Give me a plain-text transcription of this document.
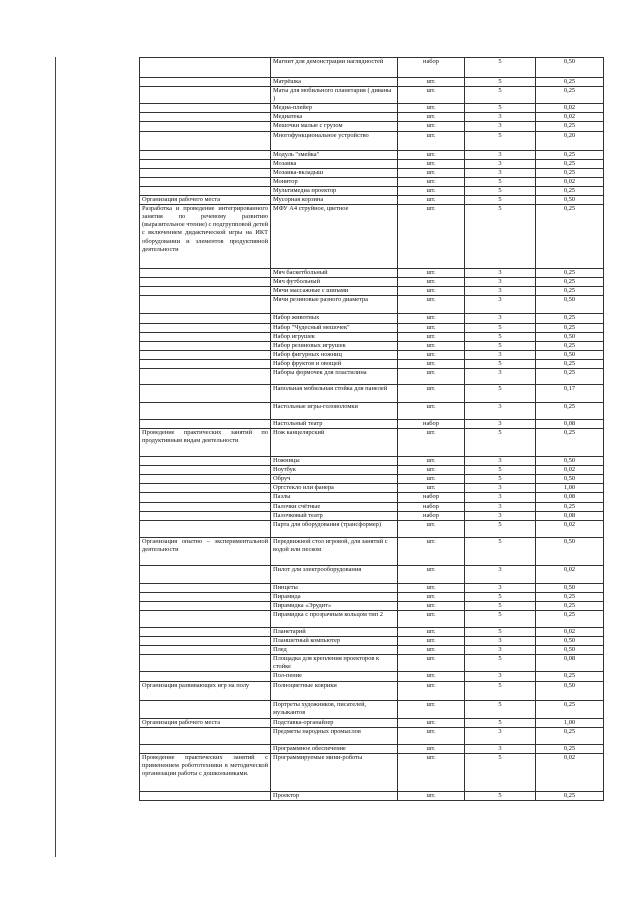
	Магнит для демонстрации наглядностей	набор	5	0,50
	Матрёшка	шт.	5	0,25
	Маты для мобильного планетария ( диваны )	шт.	5	0,25
	Медиа-плейер	шт.	5	0,02
	Медиатека	шт.	3	0,02
	Мешочки малые с грузом	шт.	3	0,25
	Многофункциональное устройство	шт.	5	0,20
	Модуль "змейка"	шт.	3	0,25
	Мозаика	шт.	3	0,25
	Мозаика-вкладыш	шт.	3	0,25
	Монитор	шт.	5	0,02
	Мультимедиа проектор	шт.	5	0,25
Организация рабочего места	Мусорная корзина	шт.	5	0,50
Разработка и проведение интегрированного занятия по речевому развитию (выразительное чтение) с подгрупповой детей с включением дидактической игры на ИКТ оборудовании и элементов продуктивной деятельности	МФУ А4 струйное, цветное	шт.	5	0,25
	Мяч баскетбольный	шт.	3	0,25
	Мяч футбольный	шт.	3	0,25
	Мячи массажные с шипами	шт.	3	0,25
	Мячи резиновые разного диаметра	шт.	3	0,50
	Набор животных	шт.	3	0,25
	Набор "Чудесный мешочек"	шт.	5	0,25
	Набор игрушек	шт.	5	0,50
	Набор резиновых игрушек	шт.	5	0,25
	Набор фигурных ножниц	шт.	3	0,50
	Набор фруктов и овощей	шт.	5	0,25
	Наборы формочек для пластилина	шт.	3	0,25
	Напольная мобильная стойка для панелей	шт.	5	0,17
	Настольные игры-головоломки	шт.	3	0,25
	Настольный театр	набор	3	0,08
Проведение практических занятий по продуктивным видам деятельности	Нож канцелярский	шт.	5	0,25
	Ножницы	шт.	3	0,50
	Ноутбук	шт.	5	0,02
	Обруч	шт.	5	0,50
	Оргстекло или фанера	шт.	3	1,00
	Пазлы	набор	3	0,08
	Палочки счётные	набор	3	0,25
	Палочковый театр	набор	3	0,08
	Парта для оборудования (трансформер)	шт.	5	0,02
Организация опытно – экспериментальной деятельности	Передвижной стол игровой, для занятий с водой или песком	шт.	5	0,50
	Пилот для электрооборудования	шт.	3	0,02
	Пинцеты	шт.	3	0,50
	Пирамида	шт.	5	0,25
	Пирамидка «Эрудит»	шт.	5	0,25
	Пирамидка с прозрачным кольцом тип 2	шт.	5	0,25
	Планетарий	шт.	5	0,02
	Планшетный компьютер	шт.	3	0,50
	Плед	шт.	3	0,50
	Площадка для крепления проекторов к стойке	шт.	5	0,08
	Пол-пение	шт.	3	0,25
Организация развивающих игр на полу	Полноцветные коврики	шт.	5	0,50
	Портреты художников, писателей, музыкантов	шт.	5	0,25
Организация рабочего места	Подставка-органайзер	шт.	5	1,00
	Предметы народных промыслов	шт.	3	0,25
	Программное обеспечение	шт.	3	0,25
Проведение практических занятий с применением робототехники в методической организации работы с дошкольниками.	Программируемые мини-роботы	шт.	5	0,02
	Проектор	шт.	5	0,25
